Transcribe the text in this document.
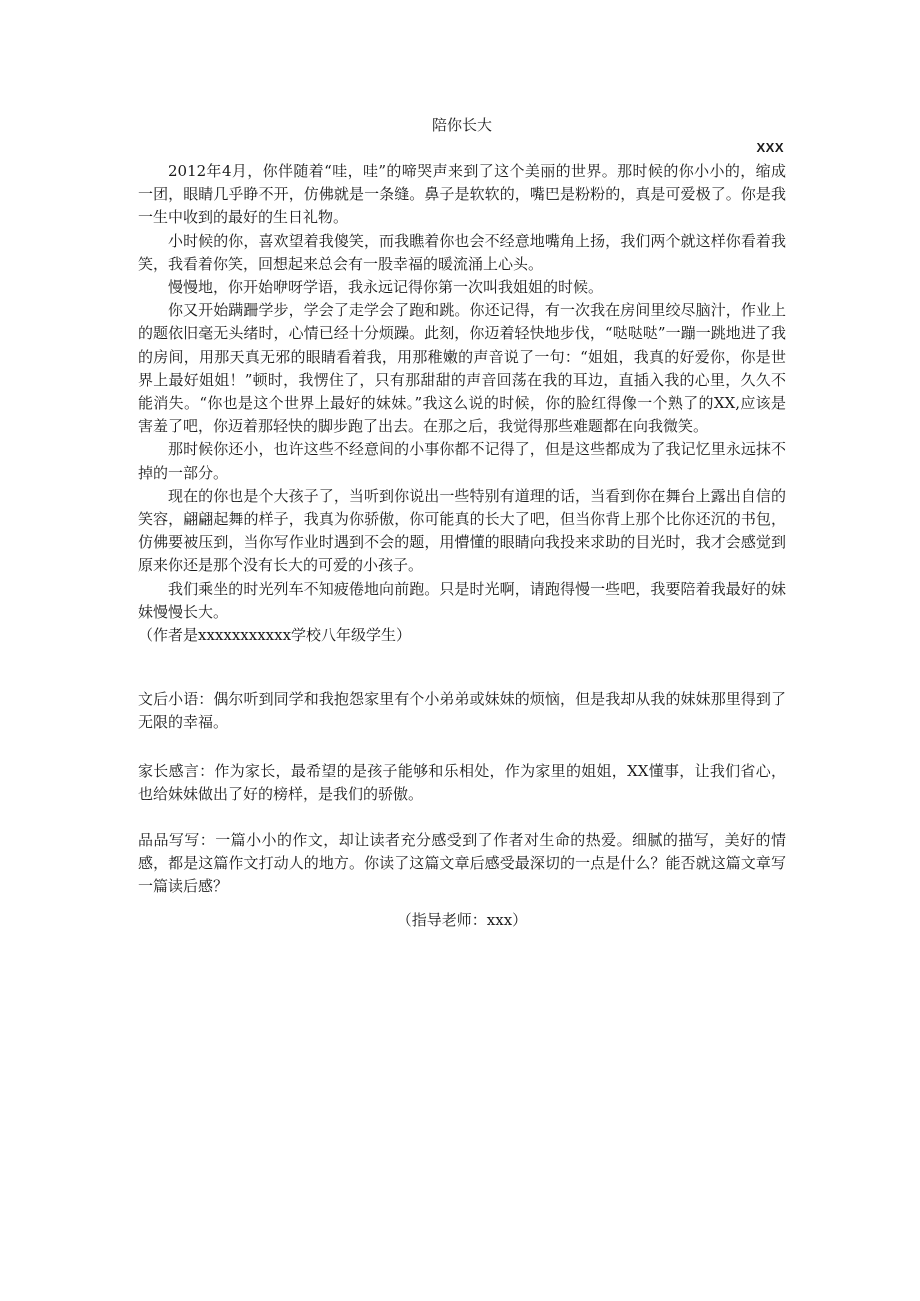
陪你长大
XXX

2012年4月，你伴随着“哇，哇”的啼哭声来到了这个美丽的世界。那时候的你小小的，缩成一团，眼睛几乎睁不开，仿佛就是一条缝。鼻子是软软的，嘴巴是粉粉的，真是可爱极了。你是我一生中收到的最好的生日礼物。

小时候的你，喜欢望着我傻笑，而我瞧着你也会不经意地嘴角上扬，我们两个就这样你看着我笑，我看着你笑，回想起来总会有一股幸福的暖流涌上心头。

慢慢地，你开始咿呀学语，我永远记得你第一次叫我姐姐的时候。

你又开始蹒跚学步，学会了走学会了跑和跳。你还记得，有一次我在房间里绞尽脑汁，作业上的题依旧毫无头绪时，心情已经十分烦躁。此刻，你迈着轻快地步伐，“哒哒哒”一蹦一跳地进了我的房间，用那天真无邪的眼睛看着我，用那稚嫩的声音说了一句：“姐姐，我真的好爱你，你是世界上最好姐姐！”顿时，我愣住了，只有那甜甜的声音回荡在我的耳边，直插入我的心里，久久不能消失。“你也是这个世界上最好的妹妹。”我这么说的时候，你的脸红得像一个熟了的XX,应该是害羞了吧，你迈着那轻快的脚步跑了出去。在那之后，我觉得那些难题都在向我微笑。

那时候你还小，也许这些不经意间的小事你都不记得了，但是这些都成为了我记忆里永远抹不掉的一部分。

现在的你也是个大孩子了，当听到你说出一些特别有道理的话，当看到你在舞台上露出自信的笑容，翩翩起舞的样子，我真为你骄傲，你可能真的长大了吧，但当你背上那个比你还沉的书包，仿佛要被压到，当你写作业时遇到不会的题，用懵懂的眼睛向我投来求助的目光时，我才会感觉到原来你还是那个没有长大的可爱的小孩子。

我们乘坐的时光列车不知疲倦地向前跑。只是时光啊，请跑得慢一些吧，我要陪着我最好的妹妹慢慢长大。

（作者是xxxxxxxxxxx学校八年级学生）

文后小语：偶尔听到同学和我抱怨家里有个小弟弟或妹妹的烦恼，但是我却从我的妹妹那里得到了无限的幸福。

家长感言：作为家长，最希望的是孩子能够和乐相处，作为家里的姐姐，XX懂事，让我们省心，也给妹妹做出了好的榜样，是我们的骄傲。

品品写写：一篇小小的作文，却让读者充分感受到了作者对生命的热爱。细腻的描写，美好的情感，都是这篇作文打动人的地方。你读了这篇文章后感受最深切的一点是什么？能否就这篇文章写一篇读后感？

（指导老师：xxx）
